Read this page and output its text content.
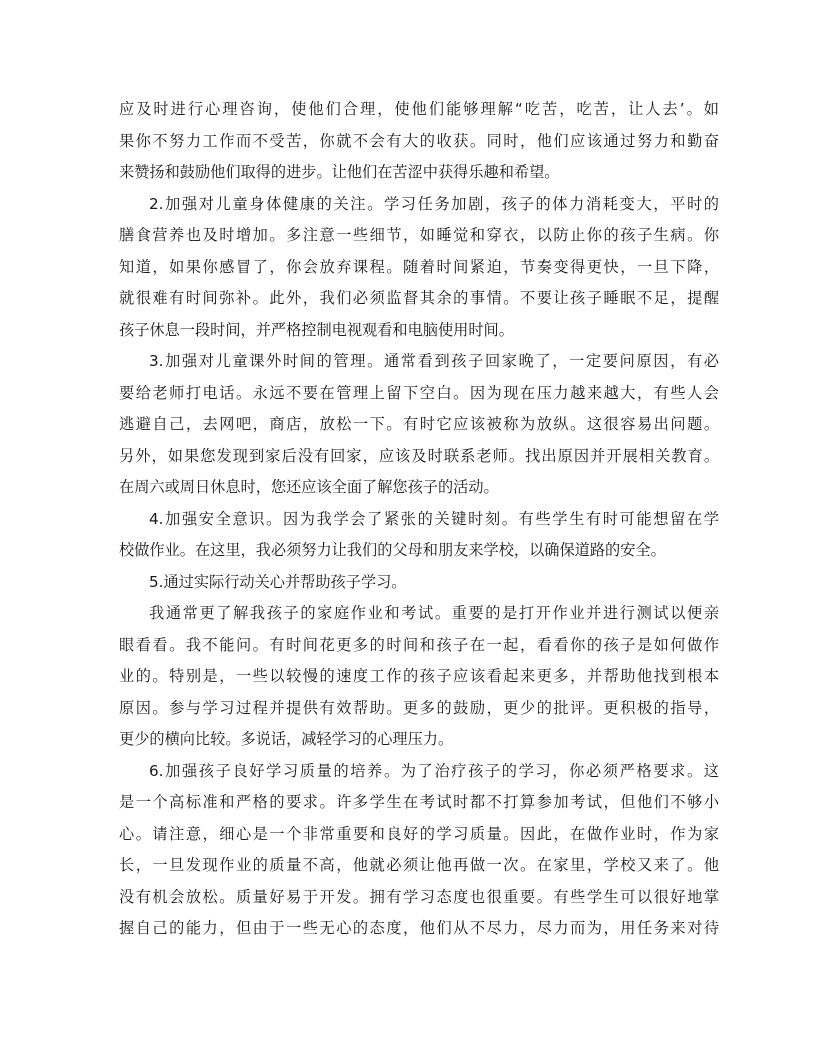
应及时进行心理咨询，使他们合理，使他们能够理解“吃苦，吃苦，让人去’。如
果你不努力工作而不受苦，你就不会有大的收获。同时，他们应该通过努力和勤奋
来赞扬和鼓励他们取得的进步。让他们在苦涩中获得乐趣和希望。
2.加强对儿童身体健康的关注。学习任务加剧，孩子的体力消耗变大，平时的
膳食营养也及时增加。多注意一些细节，如睡觉和穿衣，以防止你的孩子生病。你
知道，如果你感冒了，你会放弃课程。随着时间紧迫，节奏变得更快，一旦下降，
就很难有时间弥补。此外，我们必须监督其余的事情。不要让孩子睡眠不足，提醒
孩子休息一段时间，并严格控制电视观看和电脑使用时间。
3.加强对儿童课外时间的管理。通常看到孩子回家晚了，一定要问原因，有必
要给老师打电话。永远不要在管理上留下空白。因为现在压力越来越大，有些人会
逃避自己，去网吧，商店，放松一下。有时它应该被称为放纵。这很容易出问题。
另外，如果您发现到家后没有回家，应该及时联系老师。找出原因并开展相关教育。
在周六或周日休息时，您还应该全面了解您孩子的活动。
4.加强安全意识。因为我学会了紧张的关键时刻。有些学生有时可能想留在学
校做作业。在这里，我必须努力让我们的父母和朋友来学校，以确保道路的安全。
5.通过实际行动关心并帮助孩子学习。
我通常更了解我孩子的家庭作业和考试。重要的是打开作业并进行测试以便亲
眼看看。我不能问。有时间花更多的时间和孩子在一起，看看你的孩子是如何做作
业的。特别是，一些以较慢的速度工作的孩子应该看起来更多，并帮助他找到根本
原因。参与学习过程并提供有效帮助。更多的鼓励，更少的批评。更积极的指导，
更少的横向比较。多说话，减轻学习的心理压力。
6.加强孩子良好学习质量的培养。为了治疗孩子的学习，你必须严格要求。这
是一个高标准和严格的要求。许多学生在考试时都不打算参加考试，但他们不够小
心。请注意，细心是一个非常重要和良好的学习质量。因此，在做作业时，作为家
长，一旦发现作业的质量不高，他就必须让他再做一次。在家里，学校又来了。他
没有机会放松。质量好易于开发。拥有学习态度也很重要。有些学生可以很好地掌
握自己的能力，但由于一些无心的态度，他们从不尽力，尽力而为，用任务来对待
